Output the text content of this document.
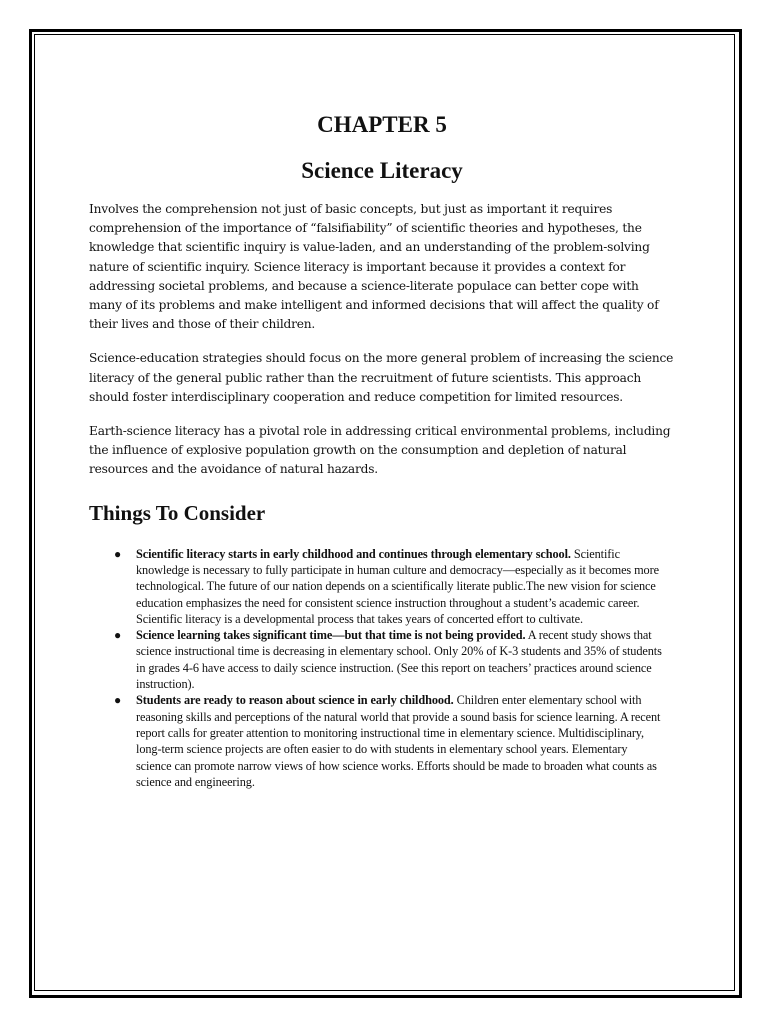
CHAPTER 5
Science Literacy

Involves the comprehension not just of basic concepts, but just as important it requires comprehension of the importance of “falsifiability” of scientific theories and hypotheses, the knowledge that scientific inquiry is value-laden, and an understanding of the problem-solving nature of scientific inquiry. Science literacy is important because it provides a context for addressing societal problems, and because a science-literate populace can better cope with many of its problems and make intelligent and informed decisions that will affect the quality of their lives and those of their children.

Science-education strategies should focus on the more general problem of increasing the science literacy of the general public rather than the recruitment of future scientists. This approach should foster interdisciplinary cooperation and reduce competition for limited resources.

Earth-science literacy has a pivotal role in addressing critical environmental problems, including the influence of explosive population growth on the consumption and depletion of natural resources and the avoidance of natural hazards.

Things To Consider
● Scientific literacy starts in early childhood and continues through elementary school. Scientific knowledge is necessary to fully participate in human culture and democracy—especially as it becomes more technological. The future of our nation depends on a scientifically literate public.The new vision for science education emphasizes the need for consistent science instruction throughout a student’s academic career. Scientific literacy is a developmental process that takes years of concerted effort to cultivate.
● Science learning takes significant time—but that time is not being provided. A recent study shows that science instructional time is decreasing in elementary school. Only 20% of K-3 students and 35% of students in grades 4-6 have access to daily science instruction. (See this report on teachers’ practices around science instruction).
● Students are ready to reason about science in early childhood. Children enter elementary school with reasoning skills and perceptions of the natural world that provide a sound basis for science learning. A recent report calls for greater attention to monitoring instructional time in elementary science. Multidisciplinary, long-term science projects are often easier to do with students in elementary school years. Elementary science can promote narrow views of how science works. Efforts should be made to broaden what counts as science and engineering.
